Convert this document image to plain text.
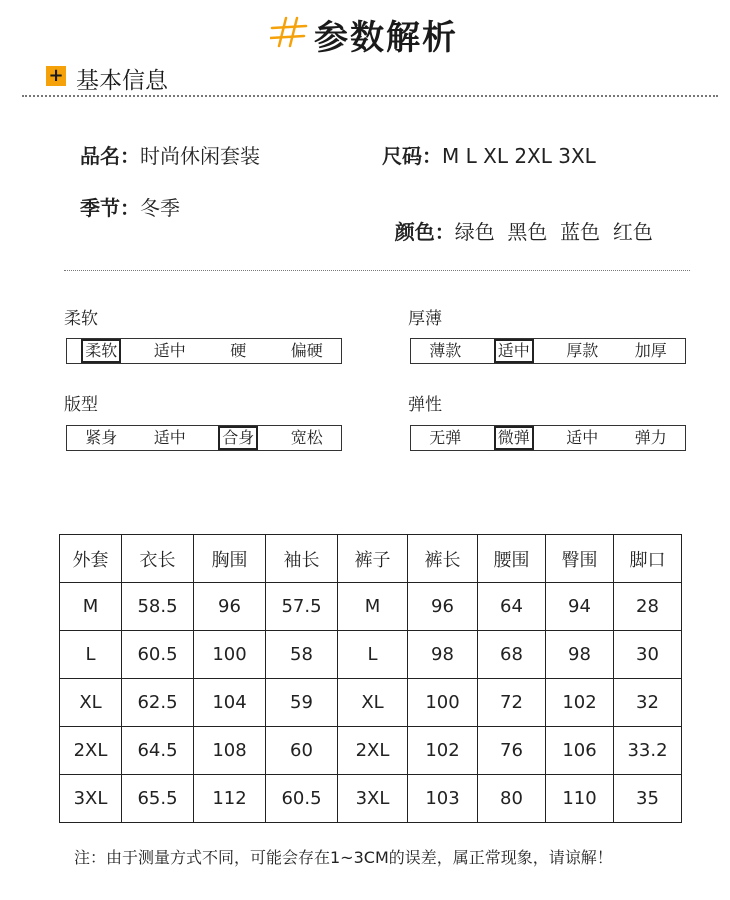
参数解析
+ 基本信息
品名：时尚休闲套装	尺码：M L XL 2XL 3XL
季节：冬季

颜色：绿色  黑色  蓝色  红色

柔软
柔软	适中	硬	偏硬
厚薄
薄款	适中	厚款	加厚
版型
紧身	适中	合身	宽松
弹性
无弹	微弹	适中	弹力
外套	衣长	胸围	袖长	裤子	裤长	腰围	臀围	脚口
M	58.5	96	57.5	M	96	64	94	28
L	60.5	100	58	L	98	68	98	30
XL	62.5	104	59	XL	100	72	102	32
2XL	64.5	108	60	2XL	102	76	106	33.2
3XL	65.5	112	60.5	3XL	103	80	110	35
注：由于测量方式不同，可能会存在1~3CM的误差，属正常现象，请谅解！
